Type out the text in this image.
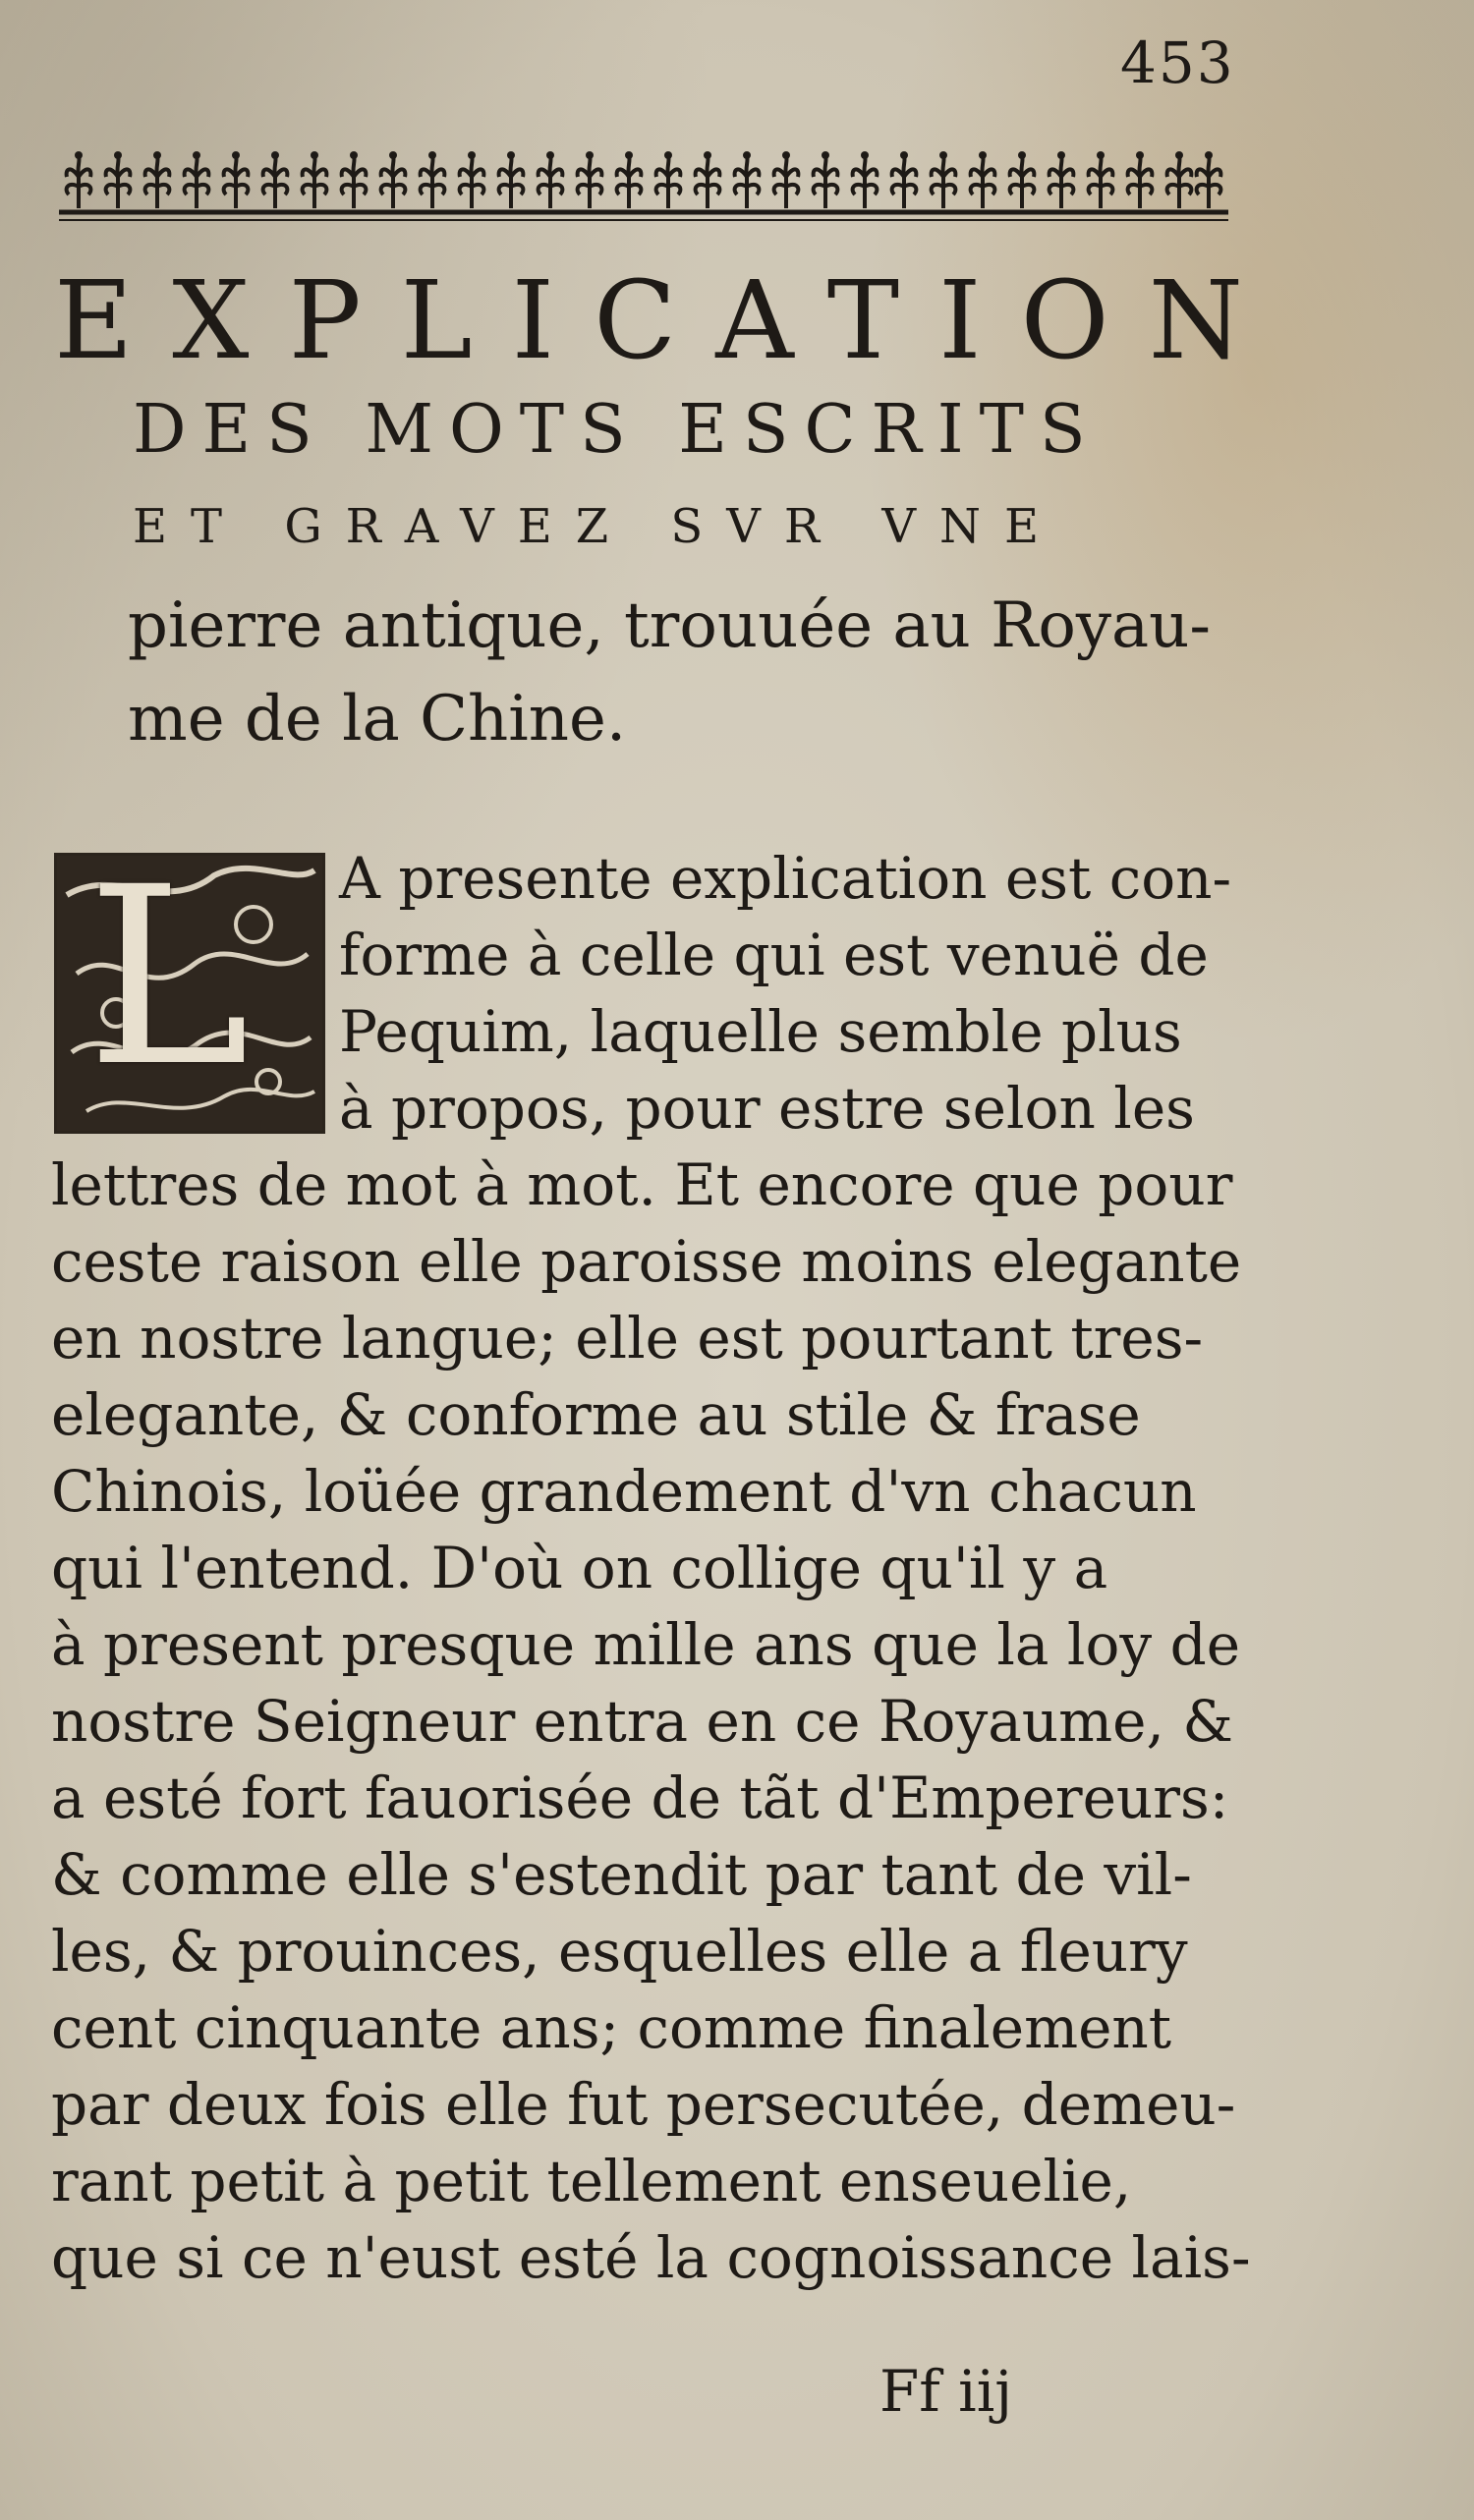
453
EXPLICATION
DES MOTS ESCRITS
ET GRAVEZ SVR VNE
pierre antique, trouuée au Royau-
me de la Chine.
L A presente explication est con-
forme à celle qui est venuë de
Pequim, laquelle semble plus
à propos, pour estre selon les
lettres de mot à mot. Et encore que pour
ceste raison elle paroisse moins elegante
en nostre langue; elle est pourtant tres-
elegante, & conforme au stile & frase
Chinois, loüée grandement d'vn chacun
qui l'entend. D'où on collige qu'il y a
à present presque mille ans que la loy de
nostre Seigneur entra en ce Royaume, &
a esté fort fauorisée de tãt d'Empereurs:
& comme elle s'estendit par tant de vil-
les, & prouinces, esquelles elle a fleury
cent cinquante ans; comme finalement
par deux fois elle fut persecutée, demeu-
rant petit à petit tellement enseuelie,
que si ce n'eust esté la cognoissance lais-
Ff iij
